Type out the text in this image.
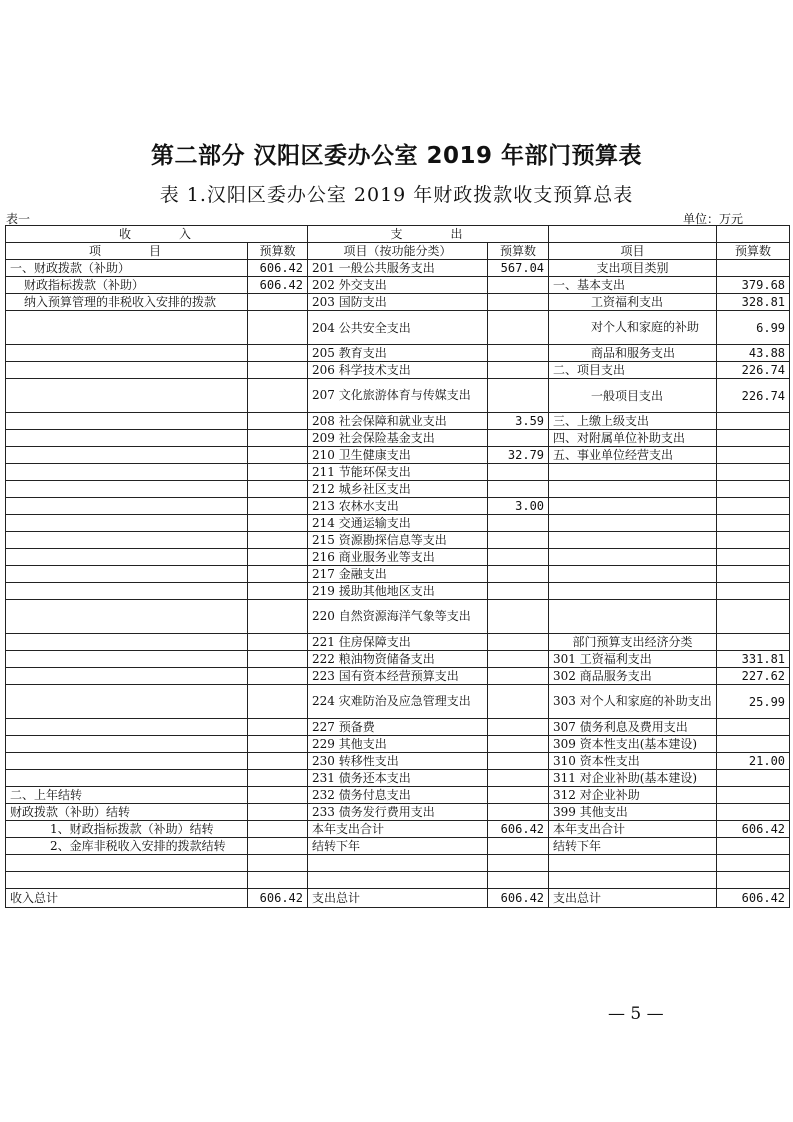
第二部分 汉阳区委办公室 2019 年部门预算表
表 1.汉阳区委办公室 2019 年财政拨款收支预算总表
表一	单位：万元
收　　　入		支　　　出			
项　　　目	预算数	项目（按功能分类）	预算数	项目	预算数
一、财政拨款（补助）	606.42	201 一般公共服务支出	567.04	支出项目类别	
财政指标拨款（补助）	606.42	202 外交支出		一、基本支出	379.68
纳入预算管理的非税收入安排的拨款		203 国防支出		工资福利支出	328.81
		204 公共安全支出		对个人和家庭的补助	6.99
		205 教育支出		商品和服务支出	43.88
		206 科学技术支出		二、项目支出	226.74
		207 文化旅游体育与传媒支出		一般项目支出	226.74
		208 社会保障和就业支出	3.59	三、上缴上级支出	
		209 社会保险基金支出		四、对附属单位补助支出	
		210 卫生健康支出	32.79	五、事业单位经营支出	
		211 节能环保支出			
		212 城乡社区支出			
		213 农林水支出	3.00		
		214 交通运输支出			
		215 资源勘探信息等支出			
		216 商业服务业等支出			
		217 金融支出			
		219 援助其他地区支出			
		220 自然资源海洋气象等支出			
		221 住房保障支出		部门预算支出经济分类	
		222 粮油物资储备支出		301 工资福利支出	331.81
		223 国有资本经营预算支出		302 商品服务支出	227.62
		224 灾难防治及应急管理支出		303 对个人和家庭的补助支出	25.99
		227 预备费		307 债务利息及费用支出	
		229 其他支出		309 资本性支出(基本建设)	
		230 转移性支出		310 资本性支出	21.00
		231 债务还本支出		311 对企业补助(基本建设)	
二、上年结转		232 债务付息支出		312 对企业补助	
财政拨款（补助）结转		233 债务发行费用支出		399 其他支出	
1、财政指标拨款（补助）结转		本年支出合计	606.42	本年支出合计	606.42
2、金库非税收入安排的拨款结转		结转下年		结转下年	

收入总计	606.42	支出总计	606.42	支出总计	606.42
— 5 —
